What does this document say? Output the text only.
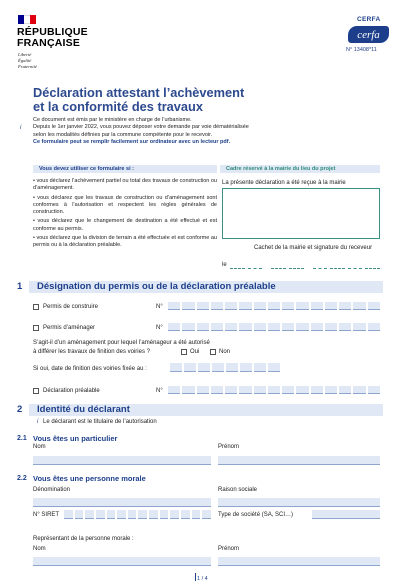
RÉPUBLIQUE
FRANÇAISE
Liberté
Égalité
Fraternité
CERFA
cerfa
N° 13408*11
Déclaration attestant l’achèvement
et la conformité des travaux
i
Ce document est émis par le ministère en charge de l’urbanisme.
Depuis le 1er janvier 2022, vous pouvez déposer votre demande par voie dématérialisée
selon les modalités définies par la commune compétente pour le recevoir.
Ce formulaire peut se remplir facilement sur ordinateur avec un lecteur pdf.
Vous devez utiliser ce formulaire si :

• vous déclarez l’achèvement partiel ou total des travaux de construction ou d’aménagement.

• vous déclarez que les travaux de construction ou d’aménagement sont conformes à l’autorisation et respectent les règles générales de construction.

• vous déclarez que le changement de destination a été effectué et est conforme au permis.

• vous déclarez que la division de terrain a été effectuée et est conforme au permis ou à la déclaration préalable.

Cadre réservé à la mairie du lieu du projet
La présente déclaration a été reçue à la mairie
Cachet de la mairie et signature du receveur
le
1	Désignation du permis ou de la déclaration préalable
Permis de construire	N°
Permis d’aménager	N°
S’agit-il d’un aménagement pour lequel l’aménageur a été autorisé
à différer les travaux de finition des voiries ?	Oui	Non
Si oui, date de finition des voiries fixée au :
Déclaration préalable	N°
2	Identité du déclarant
i Le déclarant est le titulaire de l’autorisation
2.1 Vous êtes un particulier
Nom	Prénom
2.2 Vous êtes une personne morale
Dénomination	Raison sociale
N° SIRET	Type de société (SA, SCI…)
Représentant de la personne morale :
Nom	Prénom
1 / 4
